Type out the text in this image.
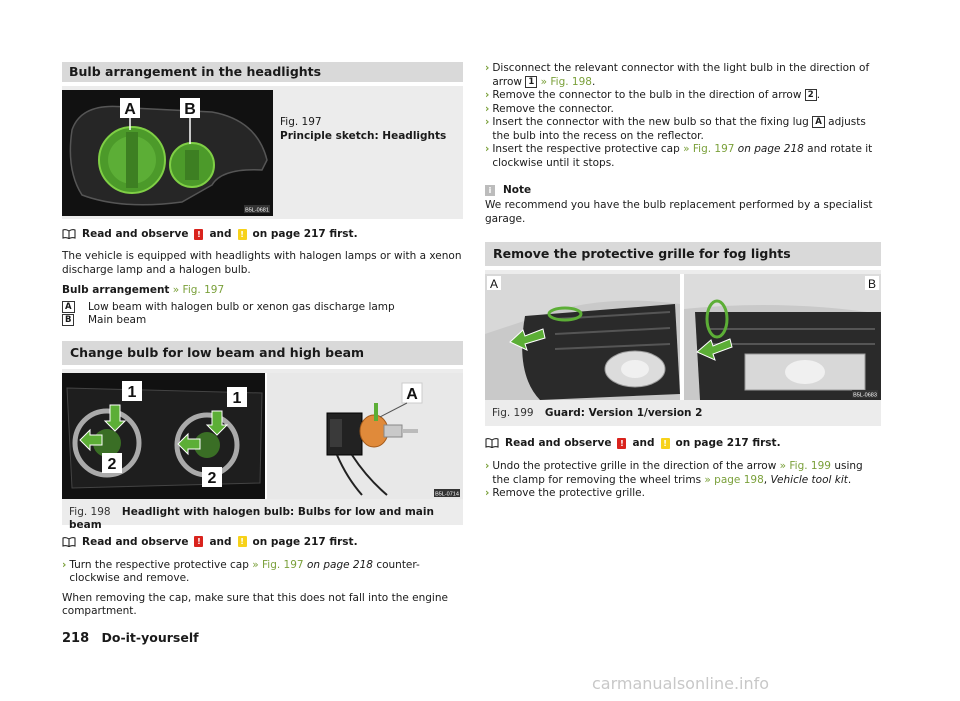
Bulb arrangement in the headlights
A	B
B5L-0681
Fig. 197
Principle sketch: Headlights
Read and observe	! and	! on page 217 first.

The vehicle is equipped with headlights with halogen lamps or with a xenon discharge lamp and a halogen bulb.

Bulb arrangement » Fig. 197

A	Low beam with halogen bulb or xenon gas discharge lamp
B	Main beam
Change bulb for low beam and high beam
1	1
2
2
A
B5L-0714
Fig. 198 Headlight with halogen bulb: Bulbs for low and main beam
Read and observe	! and	! on page 217 first.
› Turn the respective protective cap » Fig. 197 on page 218 counter-clockwise and remove.

When removing the cap, make sure that this does not fall into the engine compartment.

› Disconnect the relevant connector with the light bulb in the direction of arrow 1 » Fig. 198.
› Remove the connector to the bulb in the direction of arrow 2 .
› Remove the connector.
› Insert the connector with the new bulb so that the fixing lug A adjusts the bulb into the recess on the reflector.
› Insert the respective protective cap » Fig. 197 on page 218 and rotate it clockwise until it stops.
i	Note

We recommend you have the bulb replacement performed by a specialist garage.

Remove the protective grille for fog lights
A	B
B5L-0683
Fig. 199 Guard: Version 1/version 2
Read and observe	! and	! on page 217 first.
› Undo the protective grille in the direction of the arrow » Fig. 199 using the clamp for removing the wheel trims » page 198, Vehicle tool kit.
› Remove the protective grille.
218 Do-it-yourself
carmanualsonline.info
